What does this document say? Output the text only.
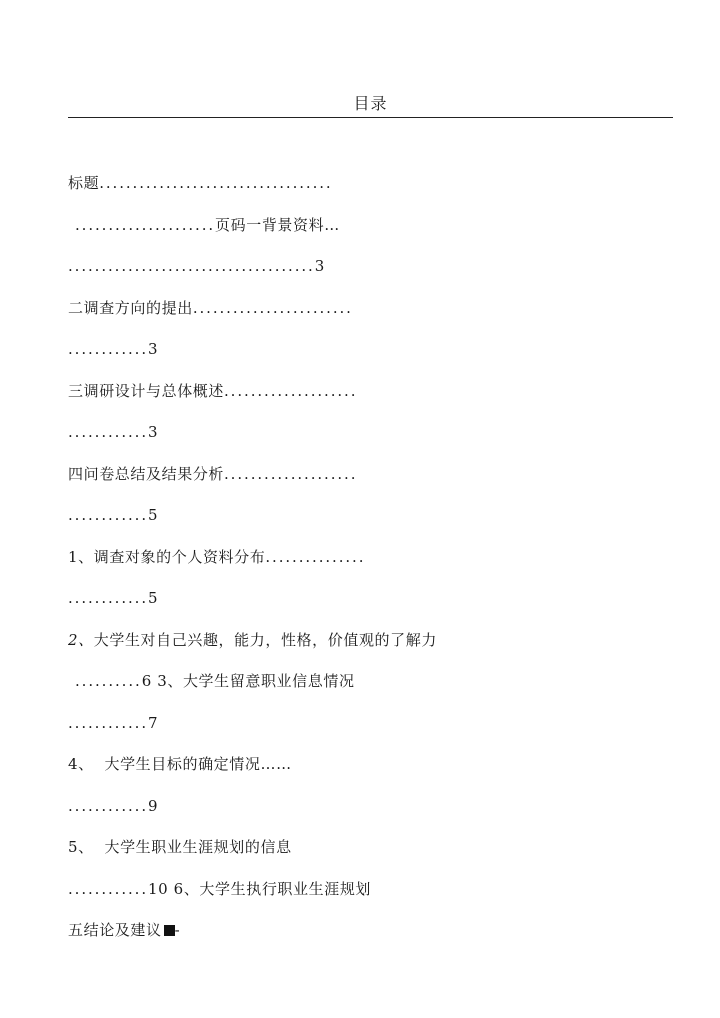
目录
标题...................................
.....................页码一背景资料…
.....................................3
二调查方向的提出........................
............3
三调研设计与总体概述....................
............3
四问卷总结及结果分析....................
............5
1、调查对象的个人资料分布...............
............5
2、大学生对自己兴趣，能力，性格，价值观的了解力
..........6 3、大学生留意职业信息情况
............7
4、  大学生目标的确定情况……
............9
5、  大学生职业生涯规划的信息
............10 6、大学生执行职业生涯规划
五结论及建议 -
